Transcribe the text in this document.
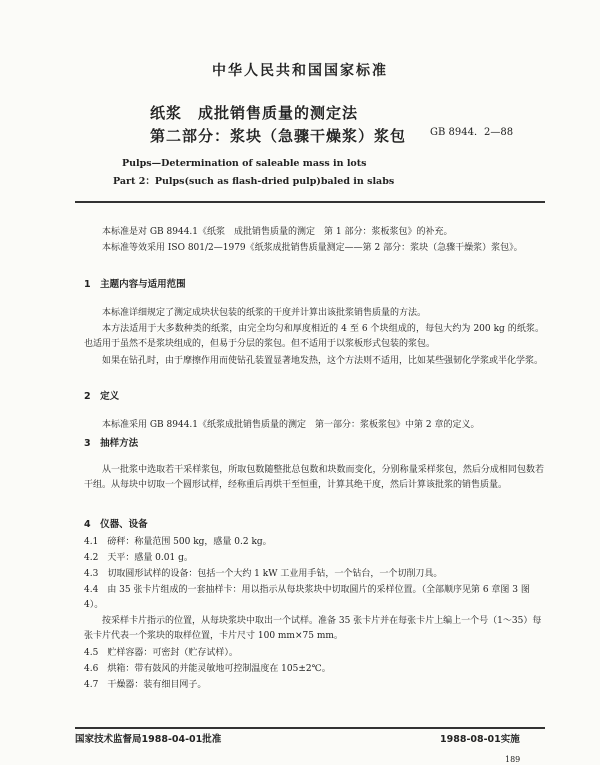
中华人民共和国国家标准
纸浆　成批销售质量的测定法
第二部分：浆块（急骤干燥浆）浆包 GB 8944．2—88
Pulps—Determination of saleable mass in lots
Part 2：Pulps(such as flash-dried pulp)baled in slabs

本标准是对 GB 8944.1《纸浆　成批销售质量的测定　第 1 部分：浆板浆包》的补充。

本标准等效采用 ISO 801/2—1979《纸浆成批销售质量测定——第 2 部分：浆块（急骤干燥浆）浆包》。

1　主题内容与适用范围

本标准详细规定了测定成块状包装的纸浆的干度并计算出该批浆销售质量的方法。

本方法适用于大多数种类的纸浆，由完全均匀和厚度相近的 4 至 6 个块组成的，每包大约为 200 kg 的纸浆。也适用于虽然不是浆块组成的，但易于分层的浆包。但不适用于以浆板形式包装的浆包。

如果在钻孔时，由于摩擦作用而使钻孔装置显著地发热，这个方法则不适用，比如某些强韧化学浆或半化学浆。

2　定义

本标准采用 GB 8944.1《纸浆成批销售质量的测定　第一部分：浆板浆包》中第 2 章的定义。

3　抽样方法

从一批浆中选取若干采样浆包，所取包数随整批总包数和块数而变化，分别称量采样浆包，然后分成相同包数若干组。从每块中切取一个圆形试样，经称重后再烘干至恒重，计算其绝干度，然后计算该批浆的销售质量。

4　仪器、设备
4.1　磅秤：称量范围 500 kg，感量 0.2 kg。
4.2　天平：感量 0.01 g。
4.3　切取圆形试样的设备：包括一个大约 1 kW 工业用手钻，一个钻台，一个切削刀具。
4.4　由 35 张卡片组成的一套抽样卡：用以指示从每块浆块中切取圆片的采样位置。（全部顺序见第 6 章图 3 图 4）。
按采样卡片指示的位置，从每块浆块中取出一个试样。准备 35 张卡片并在每张卡片上编上一个号（1～35）每张卡片代表一个浆块的取样位置，卡片尺寸 100 mm×75 mm。
4.5　贮样容器：可密封（贮存试样）。
4.6　烘箱：带有鼓风的并能灵敏地可控制温度在 105±2℃。
4.7　干燥器：装有细目网子。
国家技术监督局1988-04-01批准	1988-08-01实施
189
